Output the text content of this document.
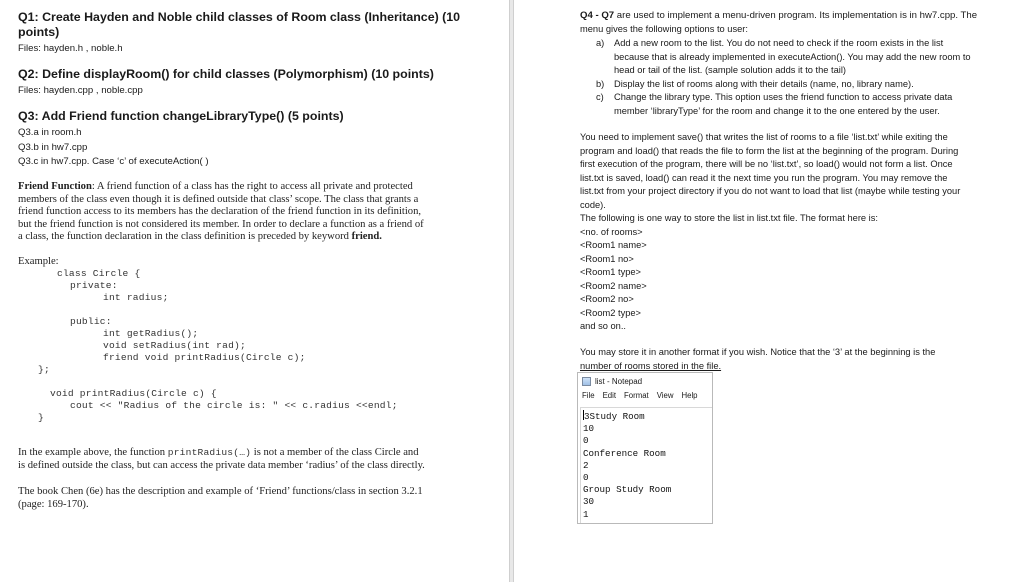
Q1: Create Hayden and Noble child classes of Room class (Inheritance) (10
points)
Files: hayden.h , noble.h
Q2: Define displayRoom() for child classes (Polymorphism) (10 points)
Files: hayden.cpp , noble.cpp
Q3: Add Friend function changeLibraryType() (5 points)
Q3.a in room.h
Q3.b in hw7.cpp
Q3.c in hw7.cpp. Case ‘c’ of executeAction( )
Friend Function: A friend function of a class has the right to access all private and protected
members of the class even though it is defined outside that class’ scope. The class that grants a
friend function access to its members has the declaration of the friend function in its definition,
but the friend function is not considered its member. In order to declare a function as a friend of
a class, the function declaration in the class definition is preceded by keyword friend.
Example:
class Circle {
private:
int radius;
public:
int getRadius();
void setRadius(int rad);
friend void printRadius(Circle c);
};
void printRadius(Circle c) {
cout << "Radius of the circle is: " << c.radius <<endl;
}
In the example above, the function printRadius(…) is not a member of the class Circle and
is defined outside the class, but can access the private data member ‘radius’ of the class directly.
The book Chen (6e) has the description and example of ‘Friend’ functions/class in section 3.2.1
(page: 169-170).
Q4 - Q7 are used to implement a menu-driven program. Its implementation is in hw7.cpp. The
menu gives the following options to user:
a) Add a new room to the list. You do not need to check if the room exists in the list
because that is already implemented in executeAction(). You may add the new room to
head or tail of the list. (sample solution adds it to the tail)
b) Display the list of rooms along with their details (name, no, library name).
c) Change the library type. This option uses the friend function to access private data
member ‘libraryType’ for the room and change it to the one entered by the user.
You need to implement save() that writes the list of rooms to a file ‘list.txt’ while exiting the
program and load() that reads the file to form the list at the beginning of the program. During
first execution of the program, there will be no ‘list.txt’, so load() would not form a list. Once
list.txt is saved, load() can read it the next time you run the program. You may remove the
list.txt from your project directory if you do not want to load that list (maybe while testing your
code).
The following is one way to store the list in list.txt file. The format here is:
<no. of rooms>
<Room1 name>
<Room1 no>
<Room1 type>
<Room2 name>
<Room2 no>
<Room2 type>
and so on..
You may store it in another format if you wish. Notice that the ‘3’ at the beginning is the
number of rooms stored in the file.
list - Notepad
File Edit Format View Help
3Study Room
10
0
Conference Room
2
0
Group Study Room
30
1
